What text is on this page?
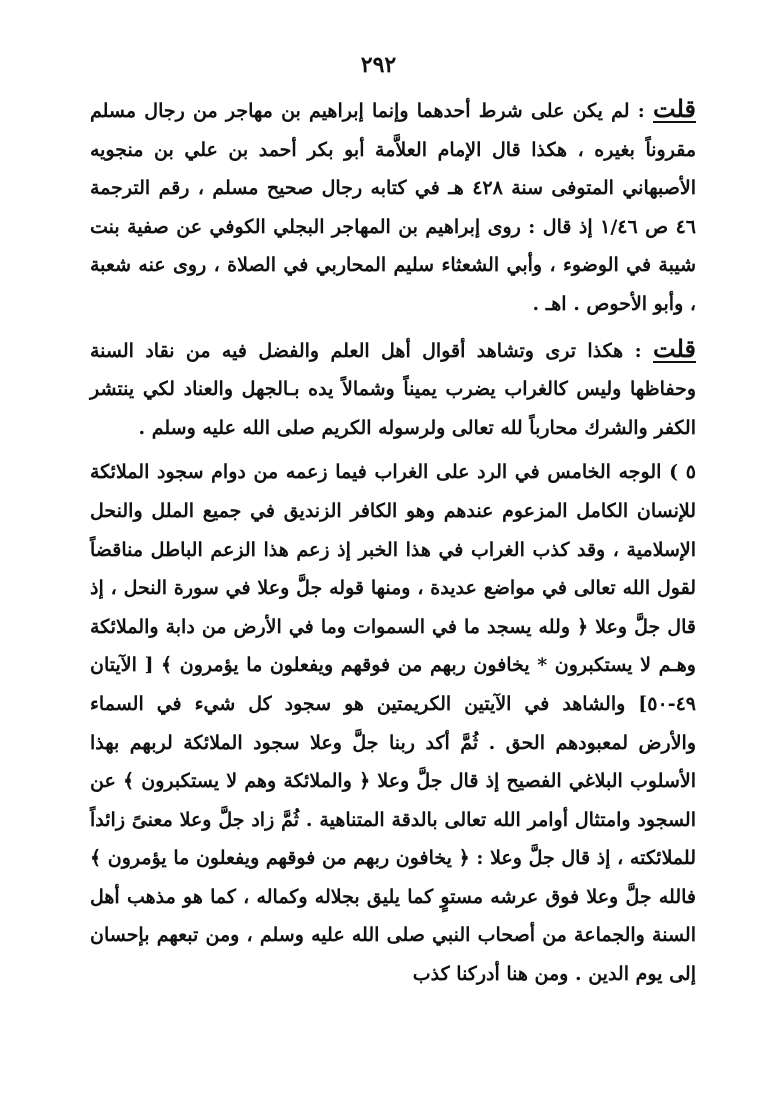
٢٩٢

قلت : لم يكن على شرط أحدهما وإنما إبراهيم بن مهاجر من رجال مسلم مقروناً بغيره ، هكذا قال الإمام العلاَّمة أبو بكر أحمد بن علي بن منجويه الأصبهاني المتوفى سنة ٤٢٨ هـ في كتابه رجال صحيح مسلم ، رقم الترجمة ٤٦ ص ١/٤٦ إذ قال : روى إبراهيم بن المهاجر البجلي الكوفي عن صفية بنت شيبة في الوضوء ، وأبي الشعثاء سليم المحاربي في الصلاة ، روى عنه شعبة ، وأبو الأحوص . اهـ .

قلت : هكذا ترى وتشاهد أقوال أهل العلم والفضل فيه من نقاد السنة وحفاظها وليس كالغراب يضرب يميناً وشمالاً يده بـالجهل والعناد لكي ينتشر الكفر والشرك محارباً لله تعالى ولرسوله الكريم صلى الله عليه وسلم .

٥ ) الوجه الخامس في الرد على الغراب فيما زعمه من دوام سجود الملائكة للإنسان الكامل المزعوم عندهم وهو الكافر الزنديق في جميع الملل والنحل الإسلامية ، وقد كذب الغراب في هذا الخبر إذ زعم هذا الزعم الباطل مناقضاً لقول الله تعالى في مواضع عديدة ، ومنها قوله جلَّ وعلا في سورة النحل ، إذ قال جلَّ وعلا ﴿ ولله يسجد ما في السموات وما في الأرض من دابة والملائكة وهـم لا يستكبرون * يخافون ربهم من فوقهم ويفعلون ما يؤمرون ﴾ [ الآيتان ٤٩-٥٠] والشاهد في الآيتين الكريمتين هو سجود كل شيء في السماء والأرض لمعبودهم الحق . ثُمَّ أكد ربنا جلَّ وعلا سجود الملائكة لربهم بهذا الأسلوب البلاغي الفصيح إذ قال جلَّ وعلا ﴿ والملائكة وهم لا يستكبرون ﴾ عن السجود وامتثال أوامر الله تعالى بالدقة المتناهية . ثُمَّ زاد جلَّ وعلا معنىً زائداً للملائكته ، إذ قال جلَّ وعلا : ﴿ يخافون ربهم من فوقهم ويفعلون ما يؤمرون ﴾ فالله جلَّ وعلا فوق عرشه مستوٍ كما يليق بجلاله وكماله ، كما هو مذهب أهل السنة والجماعة من أصحاب النبي صلى الله عليه وسلم ، ومن تبعهم بإحسان إلى يوم الدين . ومن هنا أدركنا كذب
